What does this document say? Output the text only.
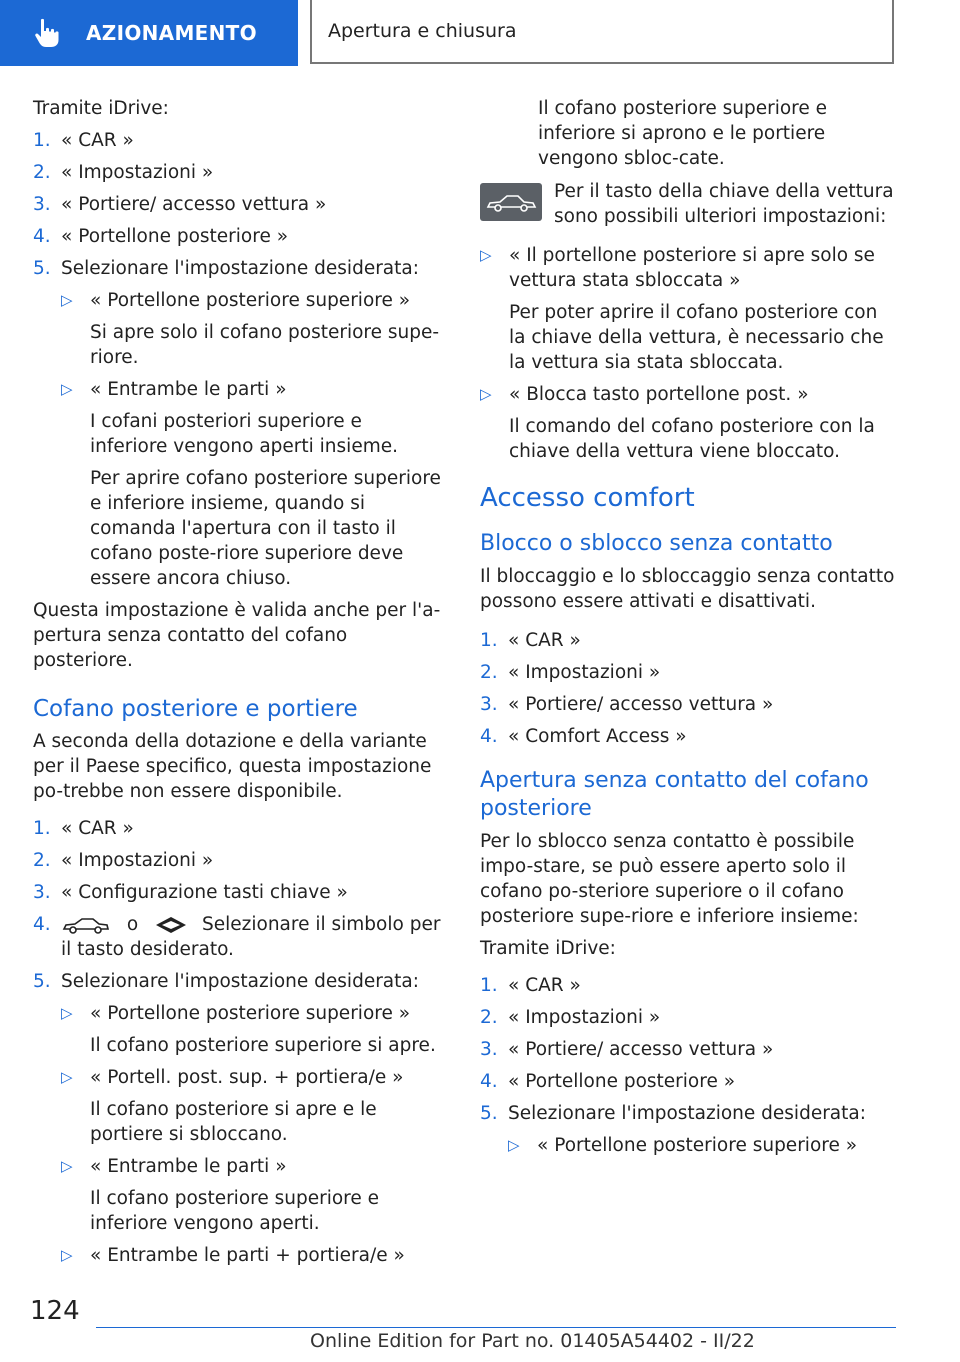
AZIONAMENTO	Apertura e chiusura

Tramite iDrive:

1. « CAR »
2. « Impostazioni »
3. « Portiere/ accesso vettura »
4. « Portellone posteriore »
5. Selezionare l'impostazione desiderata:
▷ « Portellone posteriore superiore »
Si apre solo il cofano posteriore supe-riore.
▷ « Entrambe le parti »
I cofani posteriori superiore e inferiore vengono aperti insieme.
Per aprire cofano posteriore superiore e inferiore insieme, quando si comanda l'apertura con il tasto il cofano poste-riore superiore deve essere ancora chiuso.

Questa impostazione è valida anche per l'a-pertura senza contatto del cofano posteriore.

Cofano posteriore e portiere

A seconda della dotazione e della variante per il Paese specifico, questa impostazione po-trebbe non essere disponibile.

1. « CAR »
2. « Impostazioni »
3. « Configurazione tasti chiave »
4.	o	Selezionare il simbolo per il tasto desiderato.
5. Selezionare l'impostazione desiderata:
▷ « Portellone posteriore superiore »
Il cofano posteriore superiore si apre.
▷ « Portell. post. sup. + portiera/e »
Il cofano posteriore si apre e le portiere si sbloccano.
▷ « Entrambe le parti »
Il cofano posteriore superiore e inferiore vengono aperti.
▷ « Entrambe le parti + portiera/e »

Il cofano posteriore superiore e inferiore si aprono e le portiere vengono sbloc-cate.

Per il tasto della chiave della vettura sono possibili ulteriori impostazioni:

▷ « Il portellone posteriore si apre solo se vettura stata sbloccata »
Per poter aprire il cofano posteriore con la chiave della vettura, è necessario che la vettura sia stata sbloccata.
▷ « Blocca tasto portellone post. »
Il comando del cofano posteriore con la chiave della vettura viene bloccato.
Accesso comfort
Blocco o sblocco senza contatto

Il bloccaggio e lo sbloccaggio senza contatto possono essere attivati e disattivati.

1. « CAR »
2. « Impostazioni »
3. « Portiere/ accesso vettura »
4. « Comfort Access »
Apertura senza contatto del cofano posteriore

Per lo sblocco senza contatto è possibile impo-stare, se può essere aperto solo il cofano po-steriore superiore o il cofano posteriore supe-riore e inferiore insieme:

Tramite iDrive:

1. « CAR »
2. « Impostazioni »
3. « Portiere/ accesso vettura »
4. « Portellone posteriore »
5. Selezionare l'impostazione desiderata:
▷ « Portellone posteriore superiore »
124
Online Edition for Part no. 01405A54402 - II/22
